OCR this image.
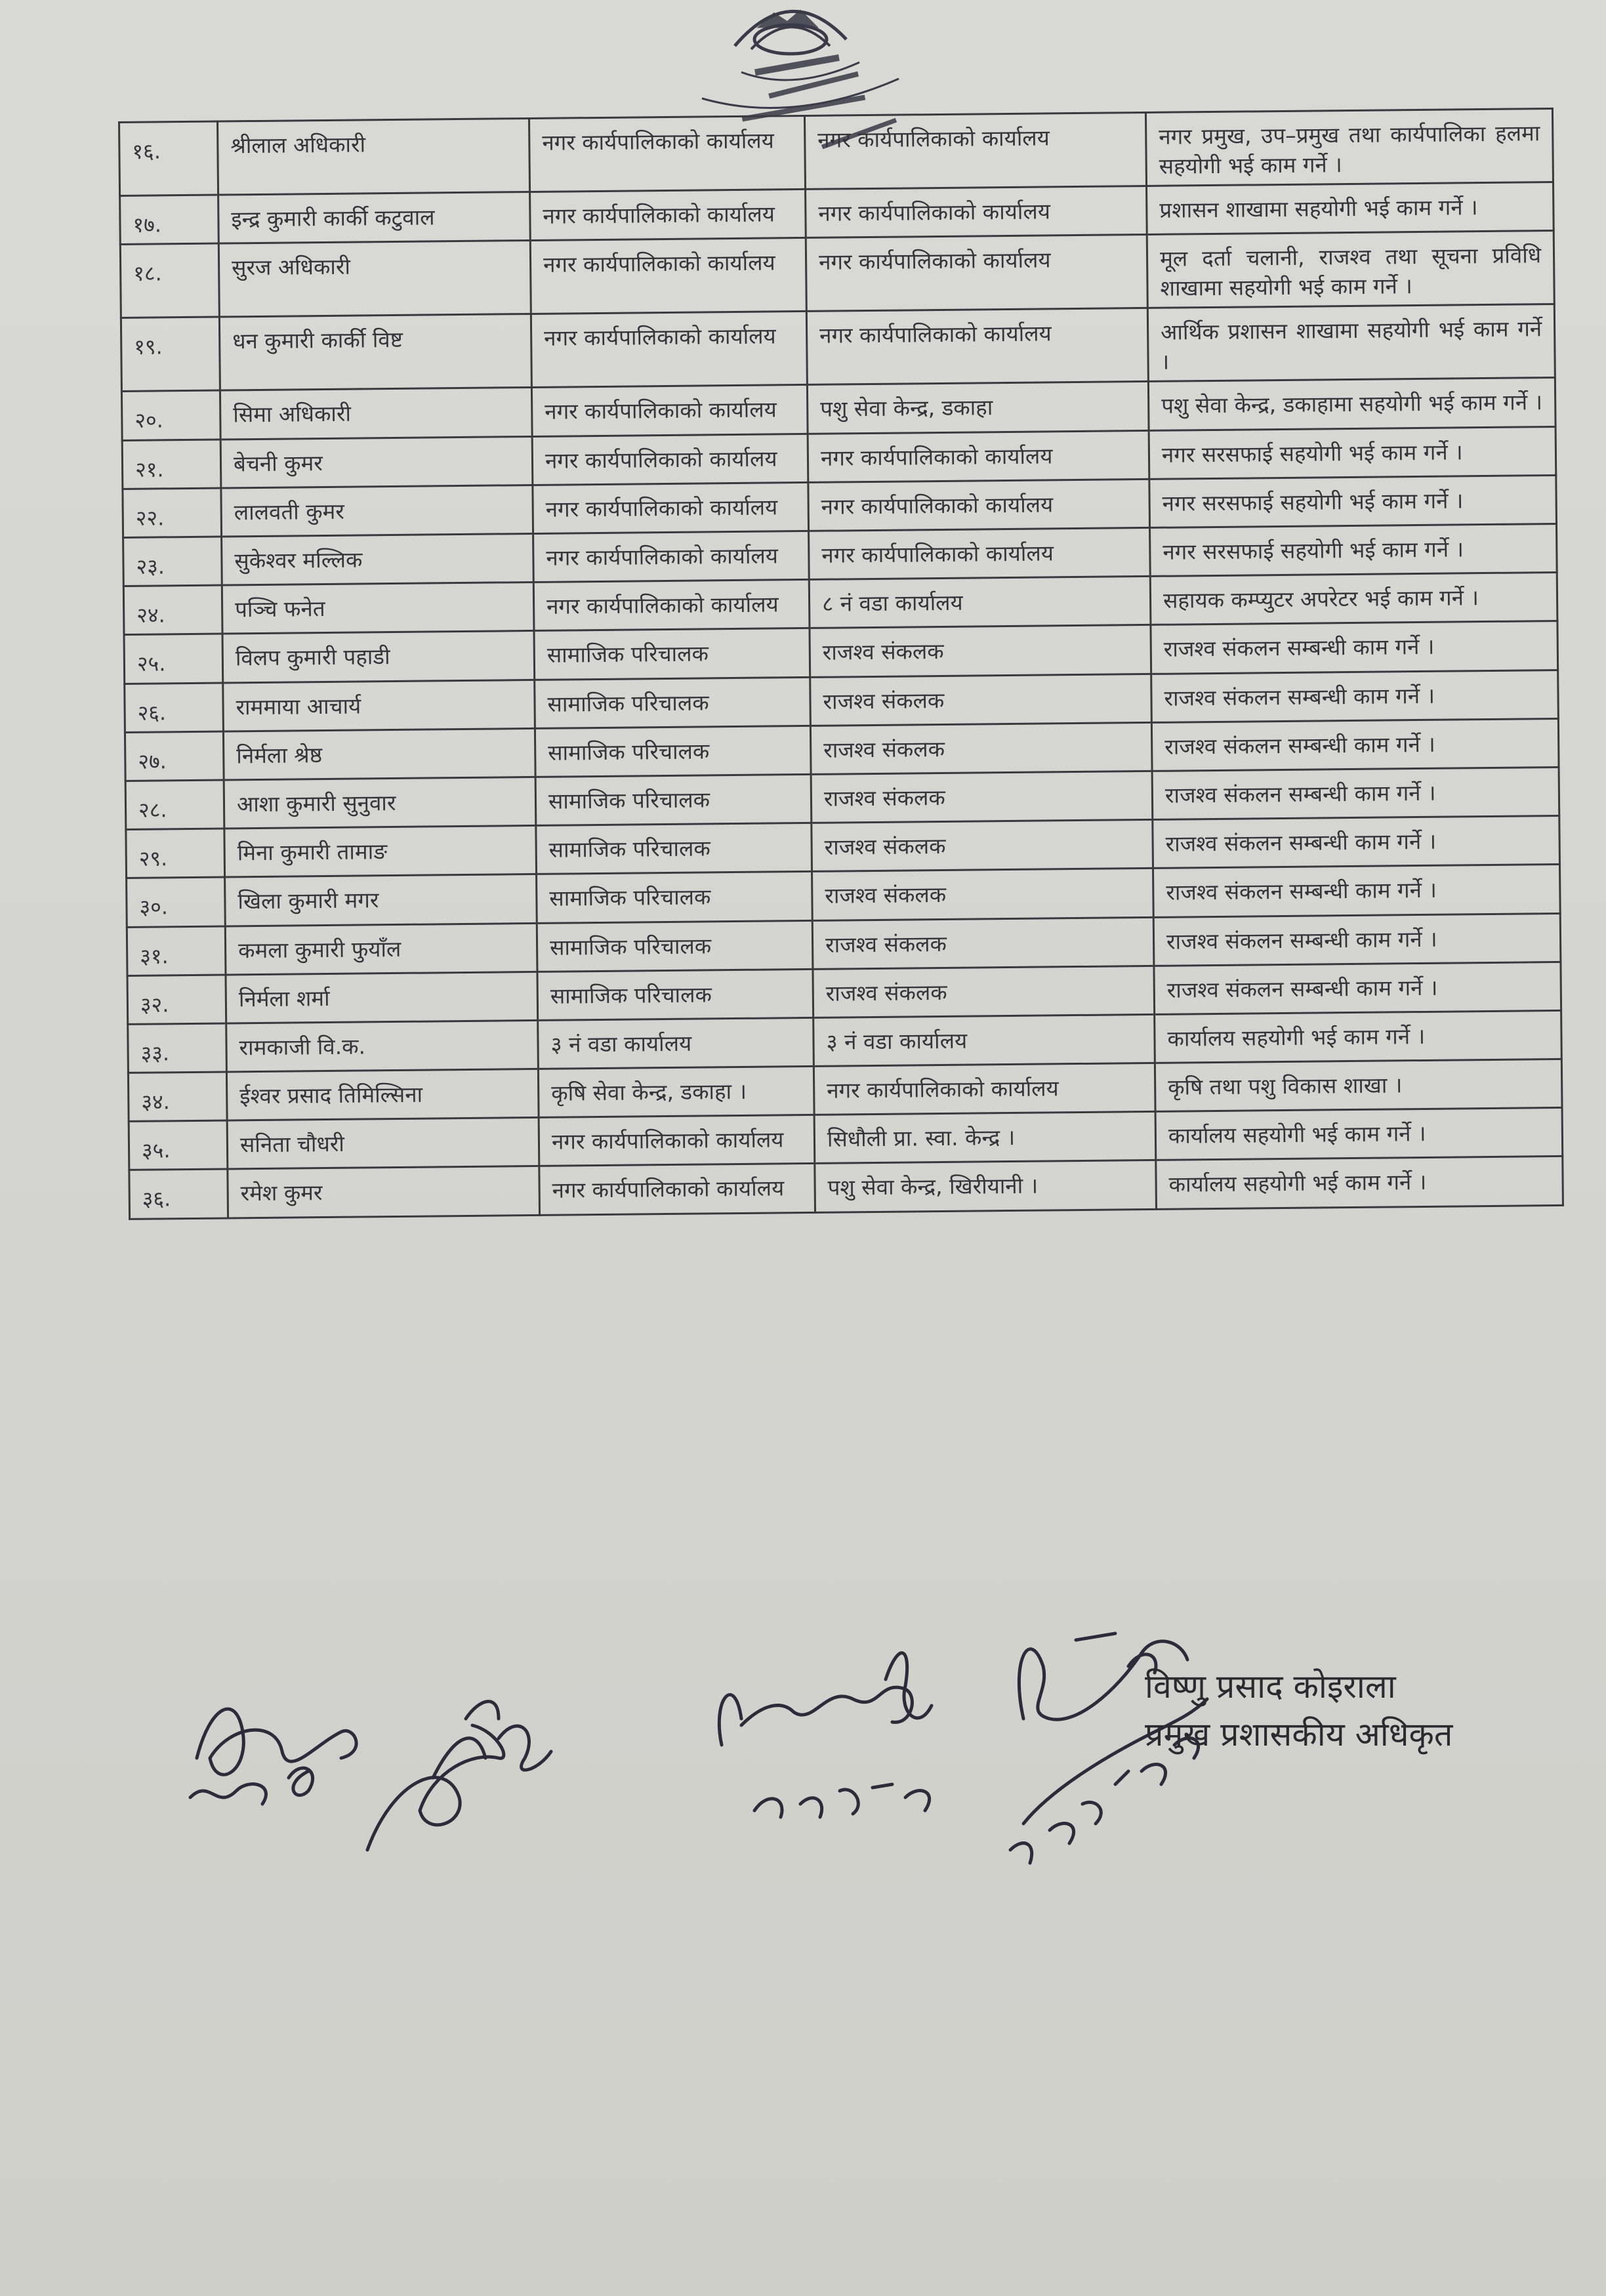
१६.	श्रीलाल अधिकारी	नगर कार्यपालिकाको कार्यालय	नगर कार्यपालिकाको कार्यालय	नगर प्रमुख, उप–प्रमुख तथा कार्यपालिका हलमा सहयोगी भई काम गर्ने ।
१७.	इन्द्र कुमारी कार्की कटुवाल	नगर कार्यपालिकाको कार्यालय	नगर कार्यपालिकाको कार्यालय	प्रशासन शाखामा सहयोगी भई काम गर्ने ।
१८.	सुरज अधिकारी	नगर कार्यपालिकाको कार्यालय	नगर कार्यपालिकाको कार्यालय	मूल दर्ता चलानी, राजश्व तथा सूचना प्रविधि शाखामा सहयोगी भई काम गर्ने ।
१९.	धन कुमारी कार्की विष्ट	नगर कार्यपालिकाको कार्यालय	नगर कार्यपालिकाको कार्यालय	आर्थिक प्रशासन शाखामा सहयोगी भई काम गर्ने ।
२०.	सिमा अधिकारी	नगर कार्यपालिकाको कार्यालय	पशु सेवा केन्द्र, डकाहा	पशु सेवा केन्द्र, डकाहामा सहयोगी भई काम गर्ने ।
२१.	बेचनी कुमर	नगर कार्यपालिकाको कार्यालय	नगर कार्यपालिकाको कार्यालय	नगर सरसफाई सहयोगी भई काम गर्ने ।
२२.	लालवती कुमर	नगर कार्यपालिकाको कार्यालय	नगर कार्यपालिकाको कार्यालय	नगर सरसफाई सहयोगी भई काम गर्ने ।
२३.	सुकेश्वर मल्लिक	नगर कार्यपालिकाको कार्यालय	नगर कार्यपालिकाको कार्यालय	नगर सरसफाई सहयोगी भई काम गर्ने ।
२४.	पञ्चि फनेत	नगर कार्यपालिकाको कार्यालय	८ नं वडा कार्यालय	सहायक कम्प्युटर अपरेटर भई काम गर्ने ।
२५.	विलप कुमारी पहाडी	सामाजिक परिचालक	राजश्व संकलक	राजश्व संकलन सम्बन्धी काम गर्ने ।
२६.	राममाया आचार्य	सामाजिक परिचालक	राजश्व संकलक	राजश्व संकलन सम्बन्धी काम गर्ने ।
२७.	निर्मला श्रेष्ठ	सामाजिक परिचालक	राजश्व संकलक	राजश्व संकलन सम्बन्धी काम गर्ने ।
२८.	आशा कुमारी सुनुवार	सामाजिक परिचालक	राजश्व संकलक	राजश्व संकलन सम्बन्धी काम गर्ने ।
२९.	मिना कुमारी तामाङ	सामाजिक परिचालक	राजश्व संकलक	राजश्व संकलन सम्बन्धी काम गर्ने ।
३०.	खिला कुमारी मगर	सामाजिक परिचालक	राजश्व संकलक	राजश्व संकलन सम्बन्धी काम गर्ने ।
३१.	कमला कुमारी फुयाँल	सामाजिक परिचालक	राजश्व संकलक	राजश्व संकलन सम्बन्धी काम गर्ने ।
३२.	निर्मला शर्मा	सामाजिक परिचालक	राजश्व संकलक	राजश्व संकलन सम्बन्धी काम गर्ने ।
३३.	रामकाजी वि.क.	३ नं वडा कार्यालय	३ नं वडा कार्यालय	कार्यालय सहयोगी भई काम गर्ने ।
३४.	ईश्वर प्रसाद तिमिल्सिना	कृषि सेवा केन्द्र, डकाहा ।	नगर कार्यपालिकाको कार्यालय	कृषि तथा पशु विकास शाखा ।
३५.	सनिता चौधरी	नगर कार्यपालिकाको कार्यालय	सिधौली प्रा. स्वा. केन्द्र ।	कार्यालय सहयोगी भई काम गर्ने ।
३६.	रमेश कुमर	नगर कार्यपालिकाको कार्यालय	पशु सेवा केन्द्र, खिरीयानी ।	कार्यालय सहयोगी भई काम गर्ने ।
विष्णु प्रसाद कोइराला
प्रमुख प्रशासकीय अधिकृत
